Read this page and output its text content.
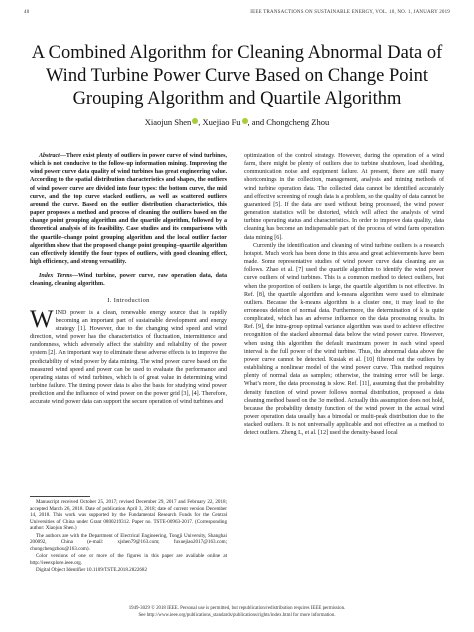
40	IEEE TRANSACTIONS ON SUSTAINABLE ENERGY, VOL. 10, NO. 1, JANUARY 2019
A Combined Algorithm for Cleaning Abnormal Data of Wind Turbine Power Curve Based on Change Point Grouping Algorithm and Quartile Algorithm
Xiaojun Shen , Xuejiao Fu , and Chongcheng Zhou

Abstract—There exist plenty of outliers in power curve of wind turbines, which is not conducive to the follow-up information mining. Improving the wind power curve data quality of wind turbines has great engineering value. According to the spatial distribution characteristics and shapes, the outliers of wind power curve are divided into four types: the bottom curve, the mid curve, and the top curve stacked outliers, as well as scattered outliers around the curve. Based on the outlier distribution characteristics, this paper proposes a method and process of cleaning the outliers based on the change point grouping algorithm and the quartile algorithm, followed by a theoretical analysis of its feasibility. Case studies and its comparisons with the quartile–change point grouping algorithm and the local outlier factor algorithm show that the proposed change point grouping–quartile algorithm can effectively identify the four types of outliers, with good cleaning effect, high efficiency, and strong versatility.

Index Terms—Wind turbine, power curve, raw operation data, data cleaning, cleaning algorithm.

I. Introduction

WIND power is a clean, renewable energy source that is rapidly becoming an important part of sustainable development and energy strategy [1]. However, due to the changing wind speed and wind direction, wind power has the characteristics of fluctuation, intermittence and randomness, which adversely affect the stability and reliability of the power system [2]. An important way to eliminate these adverse effects is to improve the predictability of wind power by data mining. The wind power curve based on the measured wind speed and power can be used to evaluate the performance and operating status of wind turbines, which is of great value in determining wind turbine failure. The timing power data is also the basis for studying wind power prediction and the influence of wind power on the power grid [3], [4]. Therefore, accurate wind power data can support the secure operation of wind turbines and

Manuscript received October 25, 2017; revised December 29, 2017 and February 22, 2018; accepted March 26, 2018. Date of publication April 3, 2018; date of current version December 14, 2018. This work was supported by the Fundamental Research Funds for the Central Universities of China under Grant 0800219312. Paper no. TSTE-00963-2017. (Corresponding author: Xiaojun Shen.)

The authors are with the Department of Electrical Engineering, Tongji University, Shanghai 200092, China (e-mail: xjshen79@163.com; fuxuejiao2017@163.com; chongchengzhou@163.com).

Color versions of one or more of the figures in this paper are available online at http://ieeexplore.ieee.org.

Digital Object Identifier 10.1109/TSTE.2018.2822682

optimization of the control strategy. However, during the operation of a wind farm, there might be plenty of outliers due to turbine shutdown, load shedding, communication noise and equipment failure. At present, there are still many shortcomings in the collection, management, analysis and mining methods of wind turbine operation data. The collected data cannot be identified accurately and effective screening of rough data is a problem, so the quality of data cannot be guaranteed [5]. If the data are used without being processed, the wind power generation statistics will be distorted, which will affect the analysis of wind turbine operating status and characteristics. In order to improve data quality, data cleaning has become an indispensable part of the process of wind farm operation data mining [6].

Currently the identification and cleaning of wind turbine outliers is a research hotspot. Much work has been done in this area and great achievements have been made. Some representative studies of wind power curve data cleaning are as follows. Zhao et al. [7] used the quartile algorithm to identify the wind power curve outliers of wind turbines. This is a common method to detect outliers, but when the proportion of outliers is large, the quartile algorithm is not effective. In Ref. [8], the quartile algorithm and k-means algorithm were used to eliminate outliers. Because the k-means algorithm is a cluster one, it may lead to the erroneous deletion of normal data. Furthermore, the determination of k is quite complicated, which has an adverse influence on the data processing results. In Ref. [9], the intra-group optimal variance algorithm was used to achieve effective recognition of the stacked abnormal data below the wind power curve. However, when using this algorithm the default maximum power in each wind speed interval is the full power of the wind turbine. Thus, the abnormal data above the power curve cannot be detected. Kusiak et al. [10] filtered out the outliers by establishing a nonlinear model of the wind power curve. This method requires plenty of normal data as samples; otherwise, the training error will be large. What’s more, the data processing is slow. Ref. [11], assuming that the probability density function of wind power follows normal distribution, proposed a data cleaning method based on the 3σ method. Actually this assumption does not hold, because the probability density function of the wind power in the actual wind power operation data usually has a bimodal or multi-peak distribution due to the stacked outliers. It is not universally applicable and not effective as a method to detect outliers. Zheng L, et al. [12] used the density-based local

1949-3029 © 2018 IEEE. Personal use is permitted, but republication/redistribution requires IEEE permission.
See http://www.ieee.org/publications_standards/publications/rights/index.html for more information.
